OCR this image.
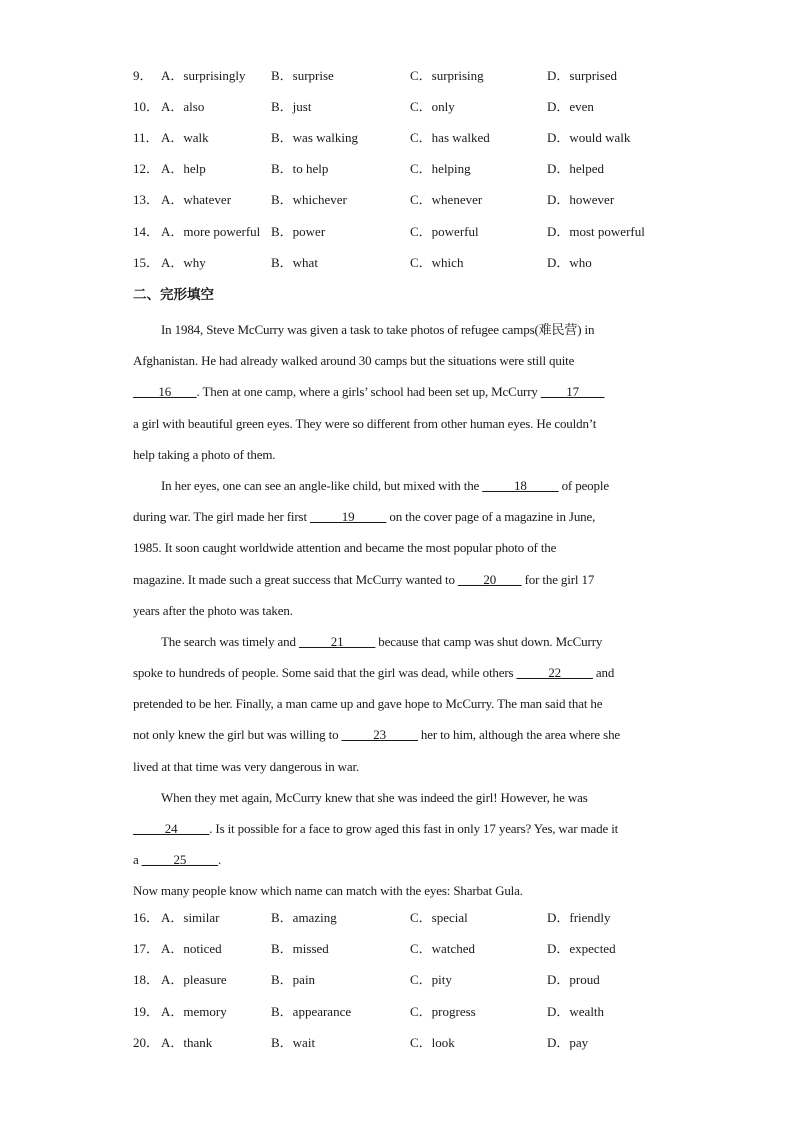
9． A．surprisingly B．surprise	C．surprising	D．surprised
10． A．also	B．just	C．only	D．even
11． A．walk	B．was walking	C．has walked	D．would walk
12． A．help	B．to help	C．helping	D．helped
13． A．whatever	B．whichever	C．whenever	D．however
14． A．more powerful B．power	C．powerful	D．most powerful
15． A．why	B．what	C．which	D．who
二、完形填空
In 1984, Steve McCurry was given a task to take photos of refugee camps(难民营) in
Afghanistan. He had already walked around 30 camps but the situations were still quite
____16____. Then at one camp, where a girls’ school had been set up, McCurry ____17____
a girl with beautiful green eyes. They were so different from other human eyes. He couldn’t
help taking a photo of them.
In her eyes, one can see an angle-like child, but mixed with the _____18_____ of people
during war. The girl made her first _____19_____ on the cover page of a magazine in June,
1985. It soon caught worldwide attention and became the most popular photo of the
magazine. It made such a great success that McCurry wanted to ____20____ for the girl 17
years after the photo was taken.
The search was timely and _____21_____ because that camp was shut down. McCurry
spoke to hundreds of people. Some said that the girl was dead, while others _____22_____ and
pretended to be her. Finally, a man came up and gave hope to McCurry. The man said that he
not only knew the girl but was willing to _____23_____ her to him, although the area where she
lived at that time was very dangerous in war.
When they met again, McCurry knew that she was indeed the girl! However, he was
_____24_____. Is it possible for a face to grow aged this fast in only 17 years? Yes, war made it
a _____25_____.
Now many people know which name can match with the eyes: Sharbat Gula.
16． A．similar	B．amazing	C．special	D．friendly
17． A．noticed	B．missed	C．watched	D．expected
18． A．pleasure	B．pain	C．pity	D．proud
19． A．memory	B．appearance	C．progress	D．wealth
20． A．thank	B．wait	C．look	D．pay
